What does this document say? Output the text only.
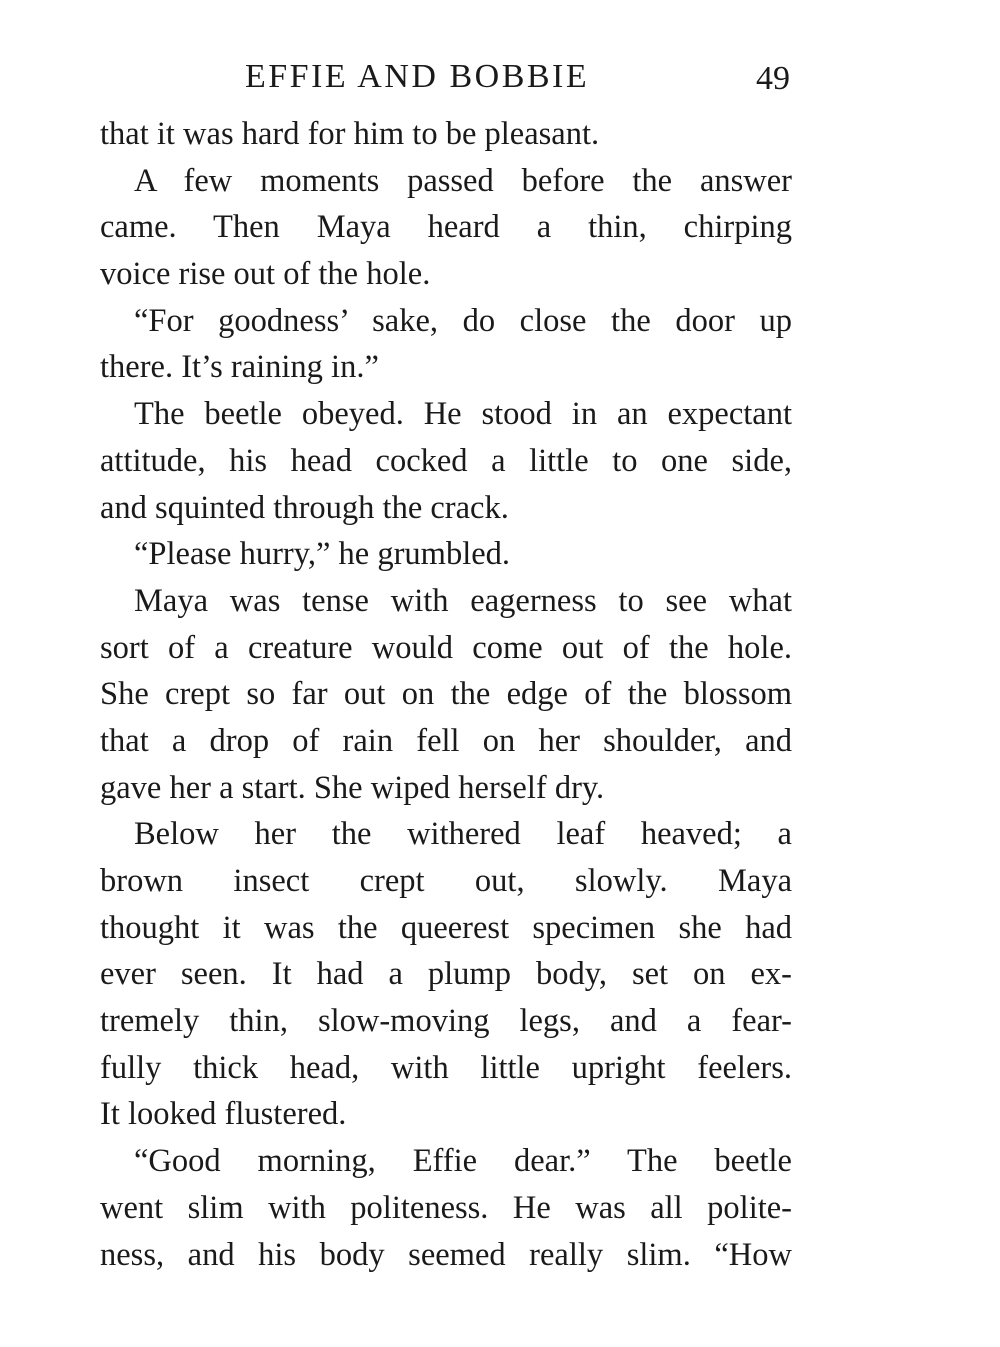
EFFIE AND BOBBIE	49
that it was hard for him to be pleasant.
A few moments passed before the answer
came. Then Maya heard a thin, chirping
voice rise out of the hole.
“For goodness’ sake, do close the door up
there. It’s raining in.”
The beetle obeyed. He stood in an expectant
attitude, his head cocked a little to one side,
and squinted through the crack.
“Please hurry,” he grumbled.
Maya was tense with eagerness to see what
sort of a creature would come out of the hole.
She crept so far out on the edge of the blossom
that a drop of rain fell on her shoulder, and
gave her a start. She wiped herself dry.
Below her the withered leaf heaved; a
brown insect crept out, slowly. Maya
thought it was the queerest specimen she had
ever seen. It had a plump body, set on ex-
tremely thin, slow-moving legs, and a fear-
fully thick head, with little upright feelers.
It looked flustered.
“Good morning, Effie dear.” The beetle
went slim with politeness. He was all polite-
ness, and his body seemed really slim. “How
